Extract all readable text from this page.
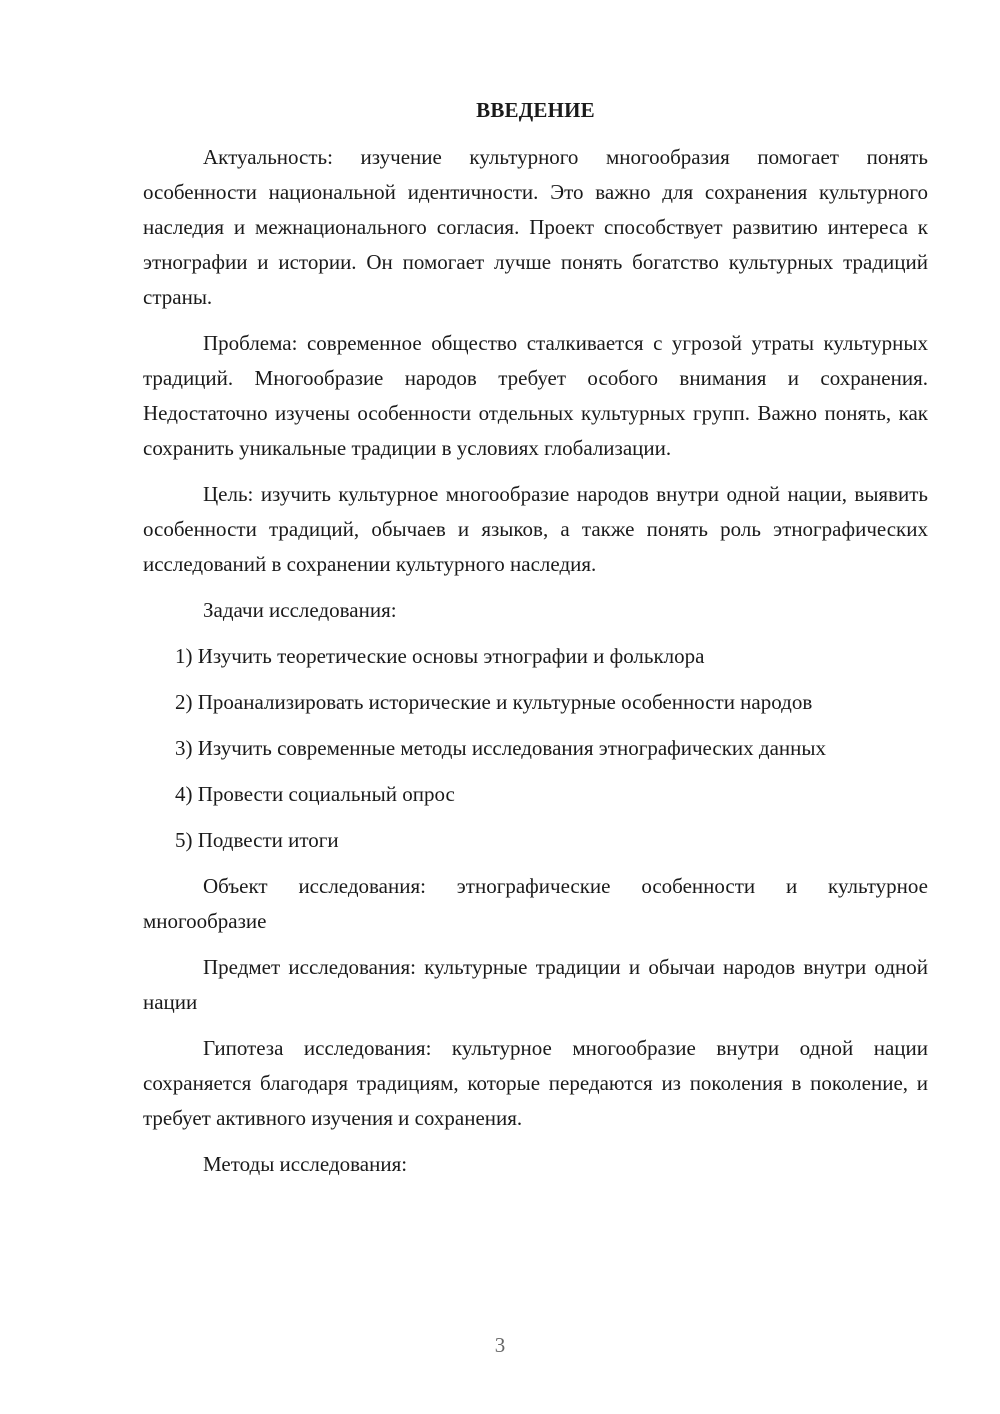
ВВЕДЕНИЕ

Актуальность: изучение культурного многообразия помогает понять особенности национальной идентичности. Это важно для сохранения культурного наследия и межнационального согласия. Проект способствует развитию интереса к этнографии и истории. Он помогает лучше понять богатство культурных традиций страны.

Проблема: современное общество сталкивается с угрозой утраты культурных традиций. Многообразие народов требует особого внимания и сохранения. Недостаточно изучены особенности отдельных культурных групп. Важно понять, как сохранить уникальные традиции в условиях глобализации.

Цель: изучить культурное многообразие народов внутри одной нации, выявить особенности традиций, обычаев и языков, а также понять роль этнографических исследований в сохранении культурного наследия.

Задачи исследования:

1) Изучить теоретические основы этнографии и фольклора

2) Проанализировать исторические и культурные особенности народов

3) Изучить современные методы исследования этнографических данных

4) Провести социальный опрос

5) Подвести итоги

Объект исследования: этнографические особенности и культурное многообразие

Предмет исследования: культурные традиции и обычаи народов внутри одной нации

Гипотеза исследования: культурное многообразие внутри одной нации сохраняется благодаря традициям, которые передаются из поколения в поколение, и требует активного изучения и сохранения.

Методы исследования:

3
